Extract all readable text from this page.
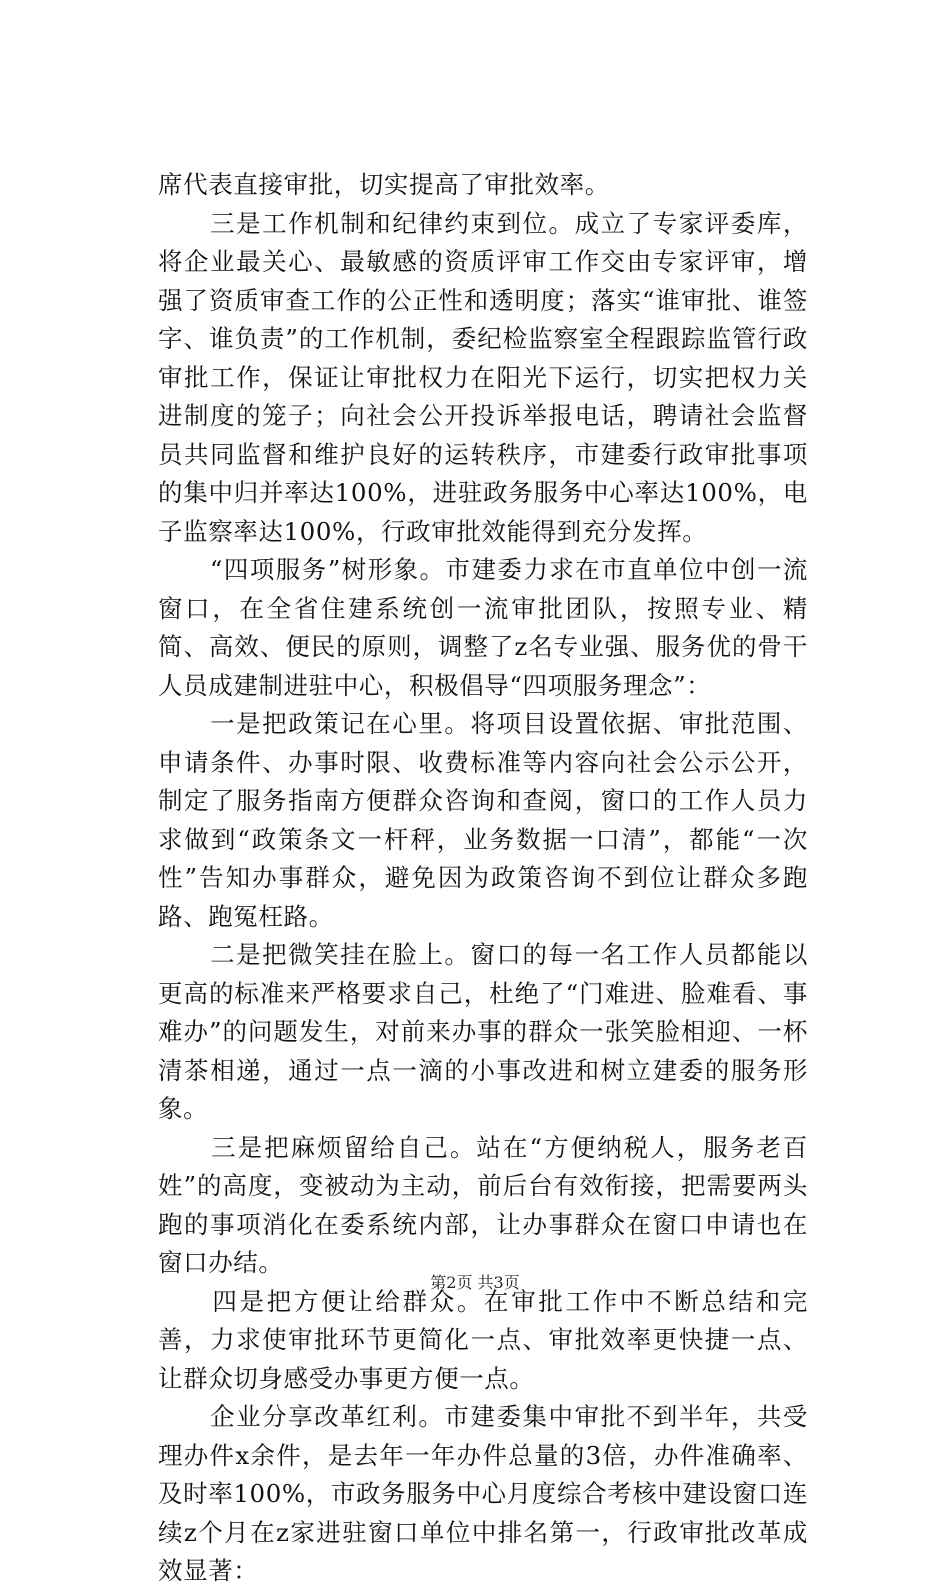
席代表直接审批，切实提高了审批效率。

　　三是工作机制和纪律约束到位。成立了专家评委库，将企业最关心、最敏感的资质评审工作交由专家评审，增强了资质审查工作的公正性和透明度；落实“谁审批、谁签字、谁负责”的工作机制，委纪检监察室全程跟踪监管行政审批工作，保证让审批权力在阳光下运行，切实把权力关进制度的笼子；向社会公开投诉举报电话，聘请社会监督员共同监督和维护良好的运转秩序，市建委行政审批事项的集中归并率达100%，进驻政务服务中心率达100%，电子监察率达100%，行政审批效能得到充分发挥。

　　“四项服务”树形象。市建委力求在市直单位中创一流窗口，在全省住建系统创一流审批团队，按照专业、精简、高效、便民的原则，调整了z名专业强、服务优的骨干人员成建制进驻中心，积极倡导“四项服务理念”：

　　一是把政策记在心里。将项目设置依据、审批范围、申请条件、办事时限、收费标准等内容向社会公示公开，制定了服务指南方便群众咨询和查阅，窗口的工作人员力求做到“政策条文一杆秤，业务数据一口清”，都能“一次性”告知办事群众，避免因为政策咨询不到位让群众多跑路、跑冤枉路。

　　二是把微笑挂在脸上。窗口的每一名工作人员都能以更高的标准来严格要求自己，杜绝了“门难进、脸难看、事难办”的问题发生，对前来办事的群众一张笑脸相迎、一杯清茶相递，通过一点一滴的小事改进和树立建委的服务形象。

　　三是把麻烦留给自己。站在“方便纳税人，服务老百姓”的高度，变被动为主动，前后台有效衔接，把需要两头跑的事项消化在委系统内部，让办事群众在窗口申请也在窗口办结。

　　四是把方便让给群众。在审批工作中不断总结和完善，力求使审批环节更简化一点、审批效率更快捷一点、让群众切身感受办事更方便一点。

　　企业分享改革红利。市建委集中审批不到半年，共受理办件x余件，是去年一年办件总量的3倍，办件准确率、及时率100%，市政务服务中心月度综合考核中建设窗口连续z个月在z家进驻窗口单位中排名第一，行政审批改革成效显著：

第2页 共3页
